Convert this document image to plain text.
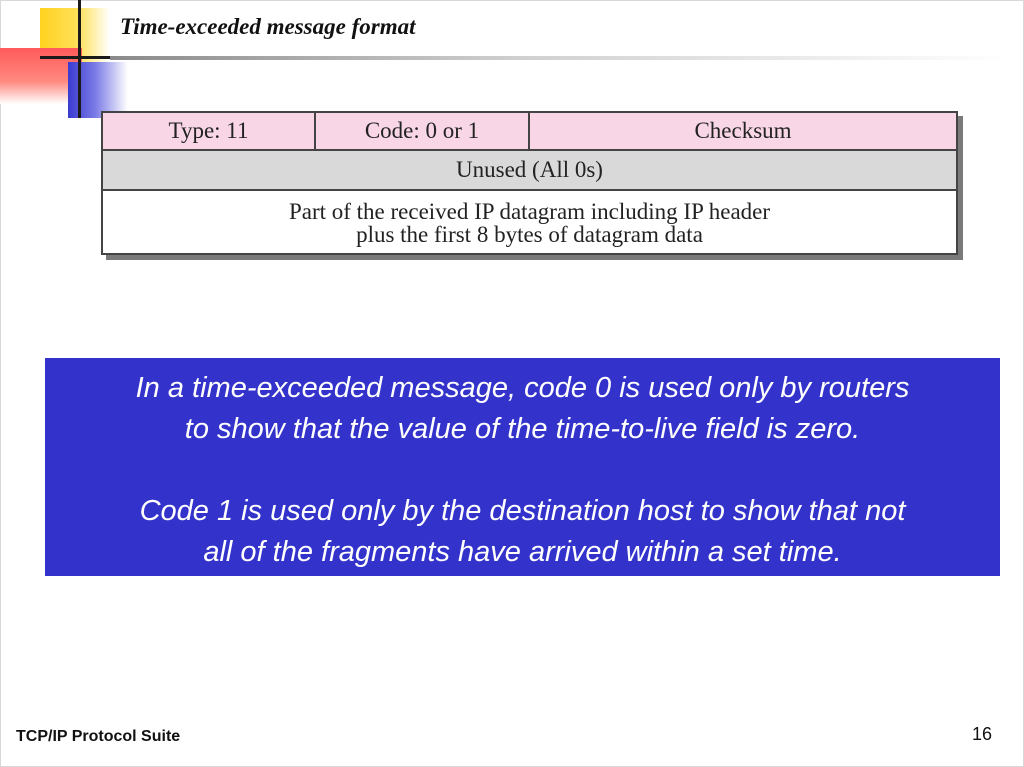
Time-exceeded message format
Type: 11	Code: 0 or 1	Checksum
Unused (All 0s)
Part of the received IP datagram including IP header
plus the first 8 bytes of datagram data

In a time-exceeded message, code 0 is used only by routers

to show that the value of the time-to-live field is zero.

Code 1 is used only by the destination host to show that not

all of the fragments have arrived within a set time.

TCP/IP Protocol Suite	16
